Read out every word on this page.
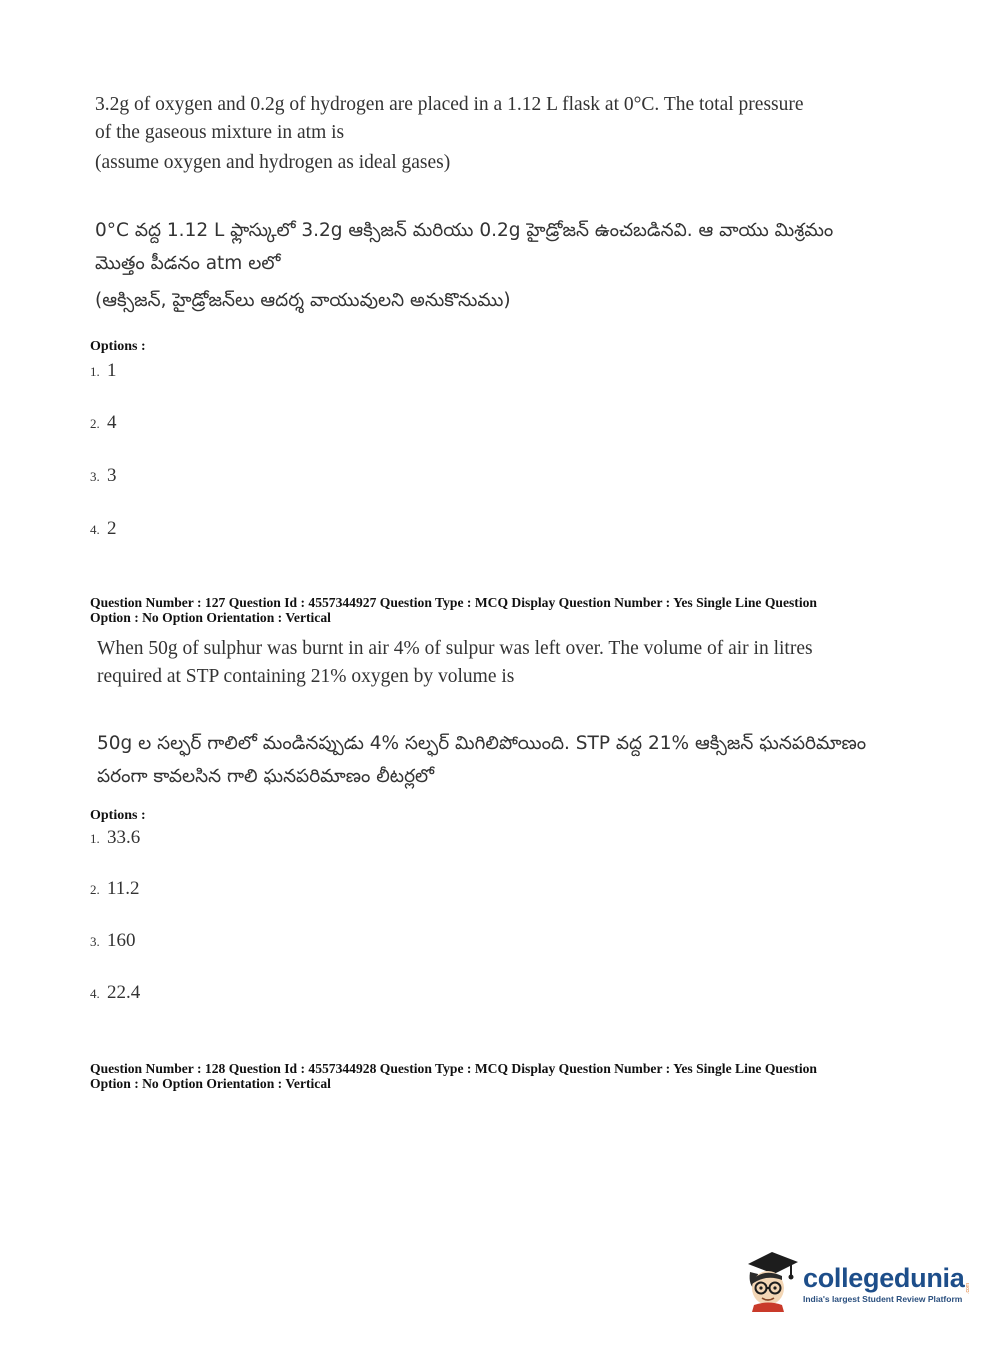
3.2g of oxygen and 0.2g of hydrogen are placed in a 1.12 L flask at 0°C. The total pressure
of the gaseous mixture in atm is
(assume oxygen and hydrogen as ideal gases)
0°C వద్ద 1.12 L ఫ్లాస్కులో 3.2g ఆక్సిజన్ మరియు 0.2g హైడ్రోజన్ ఉంచబడినవి. ఆ వాయు మిశ్రమం
మొత్తం పీడనం atm లలో
(ఆక్సిజన్, హైడ్రోజన్‌లు ఆదర్శ వాయువులని అనుకొనుము)
Options :
1. 1
2. 4
3. 3
4. 2
Question Number : 127 Question Id : 4557344927 Question Type : MCQ Display Question Number : Yes Single Line Question
Option : No Option Orientation : Vertical
When 50g of sulphur was burnt in air 4% of sulpur was left over. The volume of air in litres
required at STP containing 21% oxygen by volume is
50g ల సల్ఫర్ గాలిలో మండినప్పుడు 4% సల్ఫర్ మిగిలిపోయింది. STP వద్ద 21% ఆక్సిజన్ ఘనపరిమాణం
పరంగా కావలసిన గాలి ఘనపరిమాణం లీటర్లలో
Options :
1. 33.6
2. 11.2
3. 160
4. 22.4
Question Number : 128 Question Id : 4557344928 Question Type : MCQ Display Question Number : Yes Single Line Question
Option : No Option Orientation : Vertical
collegedunia .com
India's largest Student Review Platform
